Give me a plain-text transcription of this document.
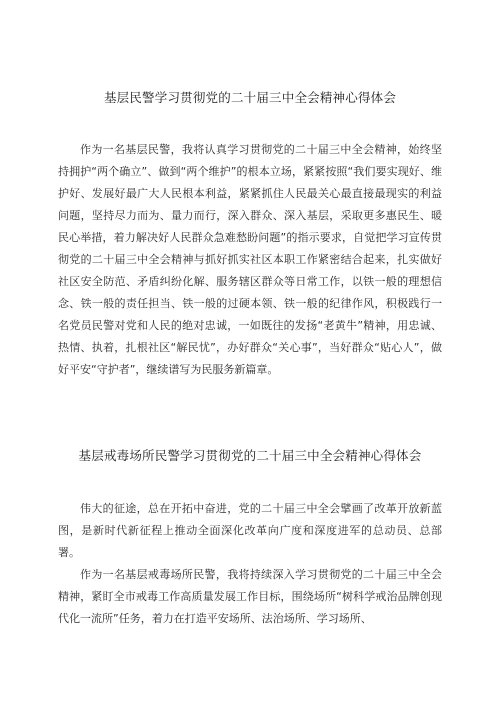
基层民警学习贯彻党的二十届三中全会精神心得体会

作为一名基层民警，我将认真学习贯彻党的二十届三中全会精神，始终坚持拥护“两个确立”、做到“两个维护”的根本立场，紧紧按照“我们要实现好、维护好、发展好最广大人民根本利益，紧紧抓住人民最关心最直接最现实的利益问题，坚持尽力而为、量力而行，深入群众、深入基层，采取更多惠民生、暖民心举措，着力解决好人民群众急难愁盼问题”的指示要求，自觉把学习宣传贯彻党的二十届三中全会精神与抓好抓实社区本职工作紧密结合起来，扎实做好社区安全防范、矛盾纠纷化解、服务辖区群众等日常工作，以铁一般的理想信念、铁一般的责任担当、铁一般的过硬本领、铁一般的纪律作风，积极践行一名党员民警对党和人民的绝对忠诚，一如既往的发扬“老黄牛”精神，用忠诚、热情、执着，扎根社区“解民忧”，办好群众“关心事”，当好群众“贴心人”，做好平安“守护者”，继续谱写为民服务新篇章。

基层戒毒场所民警学习贯彻党的二十届三中全会精神心得体会

伟大的征途，总在开拓中奋进，党的二十届三中全会擘画了改革开放新蓝图，是新时代新征程上推动全面深化改革向广度和深度进军的总动员、总部署。

作为一名基层戒毒场所民警，我将持续深入学习贯彻党的二十届三中全会精神，紧盯全市戒毒工作高质量发展工作目标，围绕场所“树科学戒治品牌创现代化一流所”任务，着力在打造平安场所、法治场所、学习场所、
